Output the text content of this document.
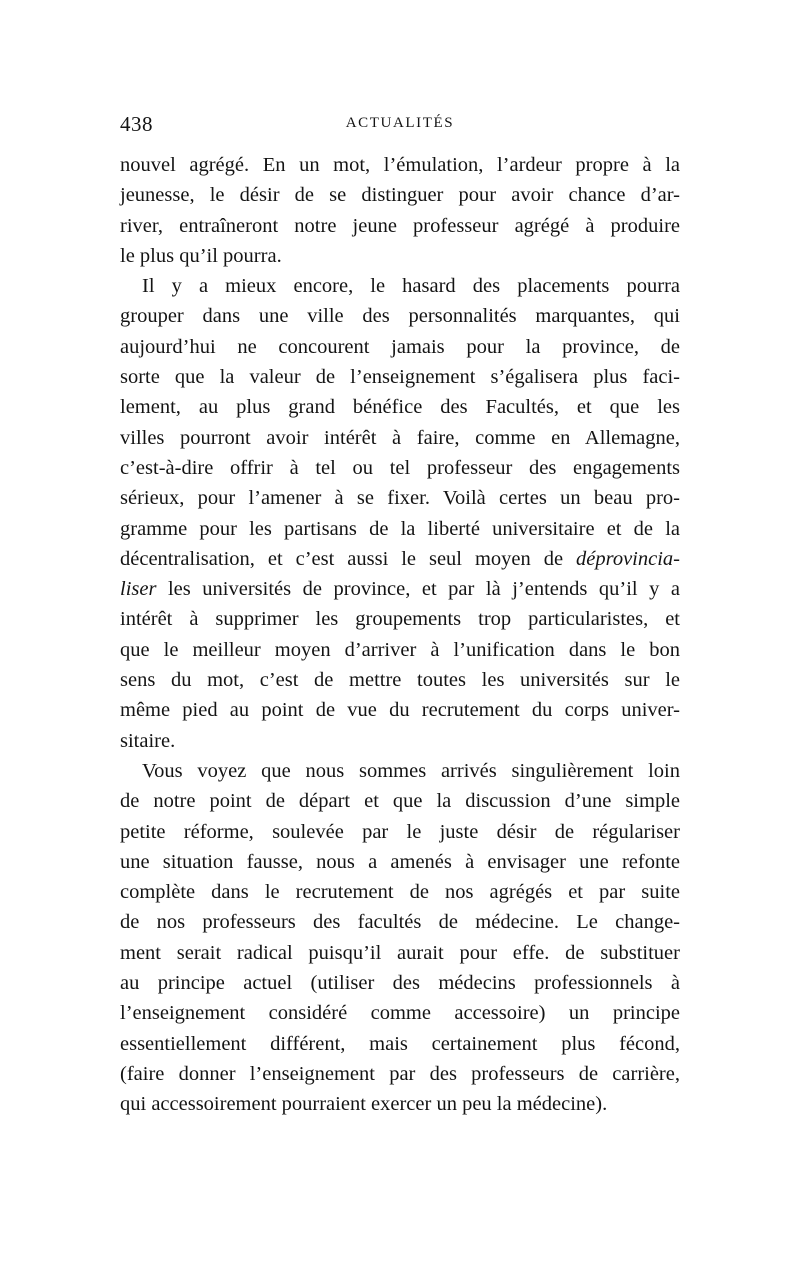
438	ACTUALITÉS
nouvel agrégé. En un mot, l’émulation, l’ardeur propre à la
jeunesse, le désir de se distinguer pour avoir chance d’ar-
river, entraîneront notre jeune professeur agrégé à produire
le plus qu’il pourra.
Il y a mieux encore, le hasard des placements pourra
grouper dans une ville des personnalités marquantes, qui
aujourd’hui ne concourent jamais pour la province, de
sorte que la valeur de l’enseignement s’égalisera plus faci-
lement, au plus grand bénéfice des Facultés, et que les
villes pourront avoir intérêt à faire, comme en Allemagne,
c’est-à-dire offrir à tel ou tel professeur des engagements
sérieux, pour l’amener à se fixer. Voilà certes un beau pro-
gramme pour les partisans de la liberté universitaire et de la
décentralisation, et c’est aussi le seul moyen de déprovincia-
liser les universités de province, et par là j’entends qu’il y a
intérêt à supprimer les groupements trop particularistes, et
que le meilleur moyen d’arriver à l’unification dans le bon
sens du mot, c’est de mettre toutes les universités sur le
même pied au point de vue du recrutement du corps univer-
sitaire.
Vous voyez que nous sommes arrivés singulièrement loin
de notre point de départ et que la discussion d’une simple
petite réforme, soulevée par le juste désir de régulariser
une situation fausse, nous a amenés à envisager une refonte
complète dans le recrutement de nos agrégés et par suite
de nos professeurs des facultés de médecine. Le change-
ment serait radical puisqu’il aurait pour effe. de substituer
au principe actuel (utiliser des médecins professionnels à
l’enseignement considéré comme accessoire) un principe
essentiellement différent, mais certainement plus fécond,
(faire donner l’enseignement par des professeurs de carrière,
qui accessoirement pourraient exercer un peu la médecine).
